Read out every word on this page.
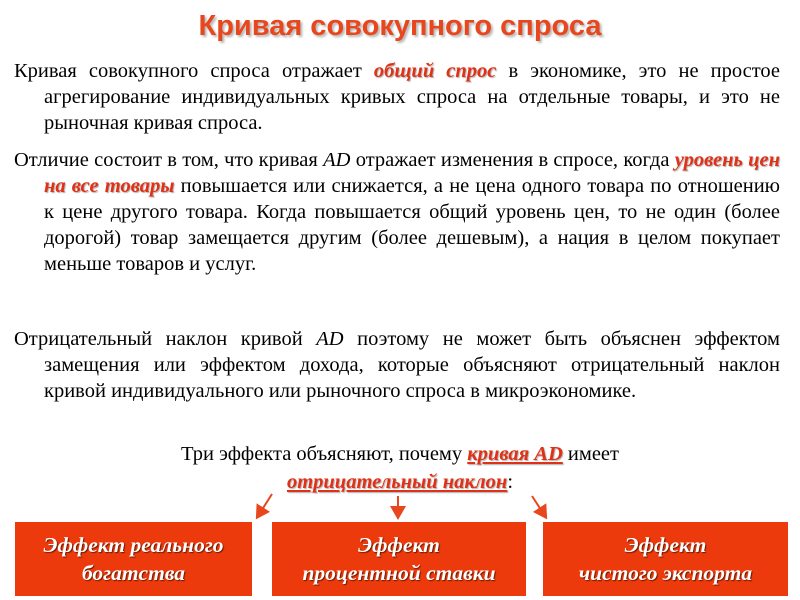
Кривая совокупного спроса
Кривая совокупного спроса отражает общий спрос в экономике, это не простое агрегирование индивидуальных кривых спроса на отдельные товары, и это не рыночная кривая спроса.
Отличие состоит в том, что кривая AD отражает изменения в спросе, когда уровень цен на все товары повышается или снижается, а не цена одного товара по отношению к цене другого товара. Когда повышается общий уровень цен, то не один (более дорогой) товар замещается другим (более дешевым), а нация в целом покупает меньше товаров и услуг.
Отрицательный наклон кривой AD поэтому не может быть объяснен эффектом замещения или эффектом дохода, которые объясняют отрицательный наклон кривой индивидуального или рыночного спроса в микроэкономике.
Три эффекта объясняют, почему кривая AD имеет
отрицательный наклон:
Эффект реального
богатства
Эффект
процентной ставки
Эффект
чистого экспорта
